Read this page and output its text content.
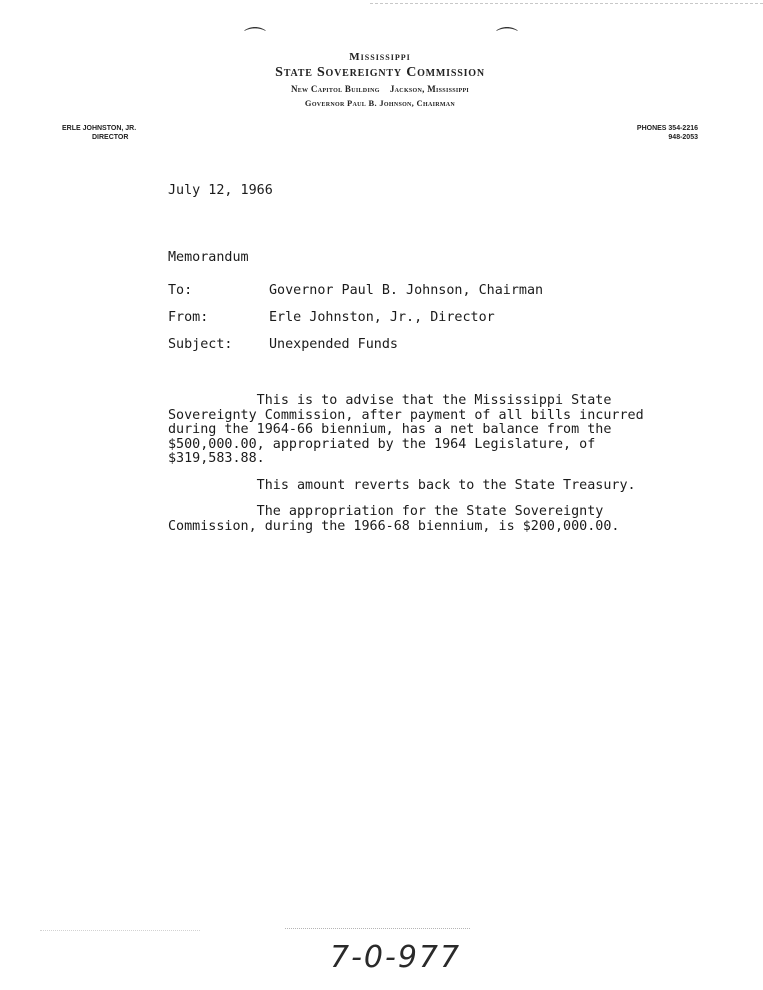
⌒	⌒
Mississippi
State Sovereignty Commission
New Capitol Building    Jackson, Mississippi
Governor Paul B. Johnson, Chairman
ERLE JOHNSTON, JR.
DIRECTOR
PHONES 354-2216
948-2053
July 12, 1966
Memorandum
To:	Governor Paul B. Johnson, Chairman
From:	Erle Johnston, Jr., Director
Subject:	Unexpended Funds
This is to advise that the Mississippi State
Sovereignty Commission, after payment of all bills incurred
during the 1964-66 biennium, has a net balance from the
$500,000.00, appropriated by the 1964 Legislature, of
$319,583.88.
This amount reverts back to the State Treasury.
The appropriation for the State Sovereignty
Commission, during the 1966-68 biennium, is $200,000.00.
7-0-977
